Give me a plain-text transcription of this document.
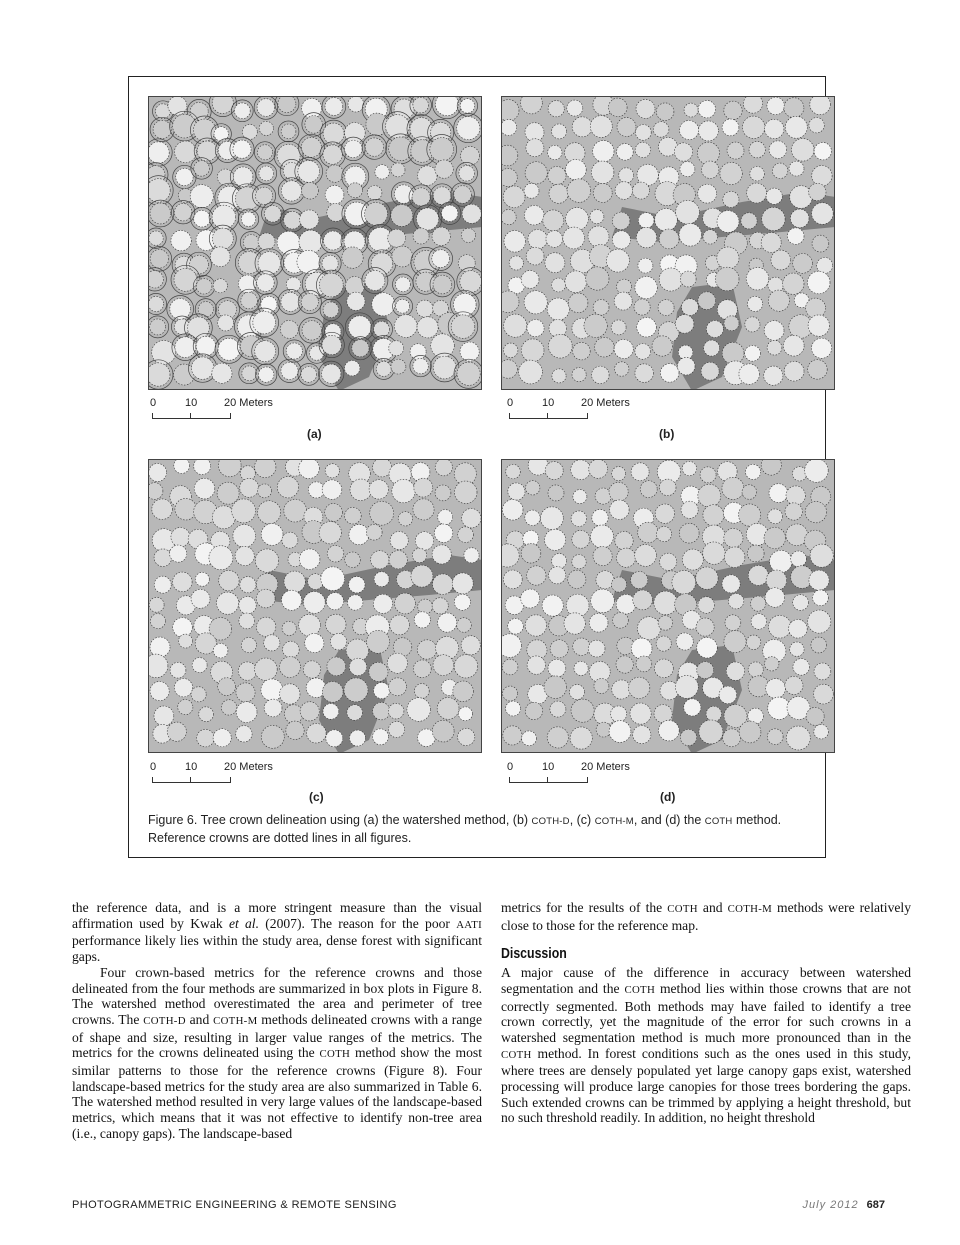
0	10 20 Meters
(a)
0	10 20 Meters
(b)
0	10 20 Meters
(c)
0	10 20 Meters
(d)
Figure 6. Tree crown delineation using (a) the watershed method, (b) COTH-D, (c) COTH-M, and (d) the COTH method. Reference crowns are dotted lines in all figures.

the reference data, and is a more stringent measure than the visual affirmation used by Kwak et al. (2007). The reason for the poor AATI performance likely lies within the study area, dense forest with significant gaps.

Four crown-based metrics for the reference crowns and those delineated from the four methods are summarized in box plots in Figure 8. The watershed method overestimated the area and perimeter of tree crowns. The COTH-D and COTH-M methods delineated crowns with a range of shape and size, resulting in larger value ranges of the metrics. The metrics for the crowns delineated using the COTH method show the most similar patterns to those for the reference crowns (Figure 8). Four landscape-based metrics for the study area are also summarized in Table 6. The watershed method resulted in very large values of the landscape-based metrics, which means that it was not effective to identify non-tree area (i.e., canopy gaps). The landscape-based

metrics for the results of the COTH and COTH-M methods were relatively close to those for the reference map.

Discussion

A major cause of the difference in accuracy between watershed segmentation and the COTH method lies within those crowns that are not correctly segmented. Both methods may have failed to identify a tree crown correctly, yet the magnitude of the error for such crowns in a watershed segmentation method is much more pronounced than in the COTH method. In forest conditions such as the ones used in this study, where trees are densely populated yet large canopy gaps exist, watershed processing will produce large canopies for those trees bordering the gaps. Such extended crowns can be trimmed by applying a height threshold, but no such threshold readily. In addition, no height threshold

PHOTOGRAMMETRIC ENGINEERING & REMOTE SENSING	July 2012 687
